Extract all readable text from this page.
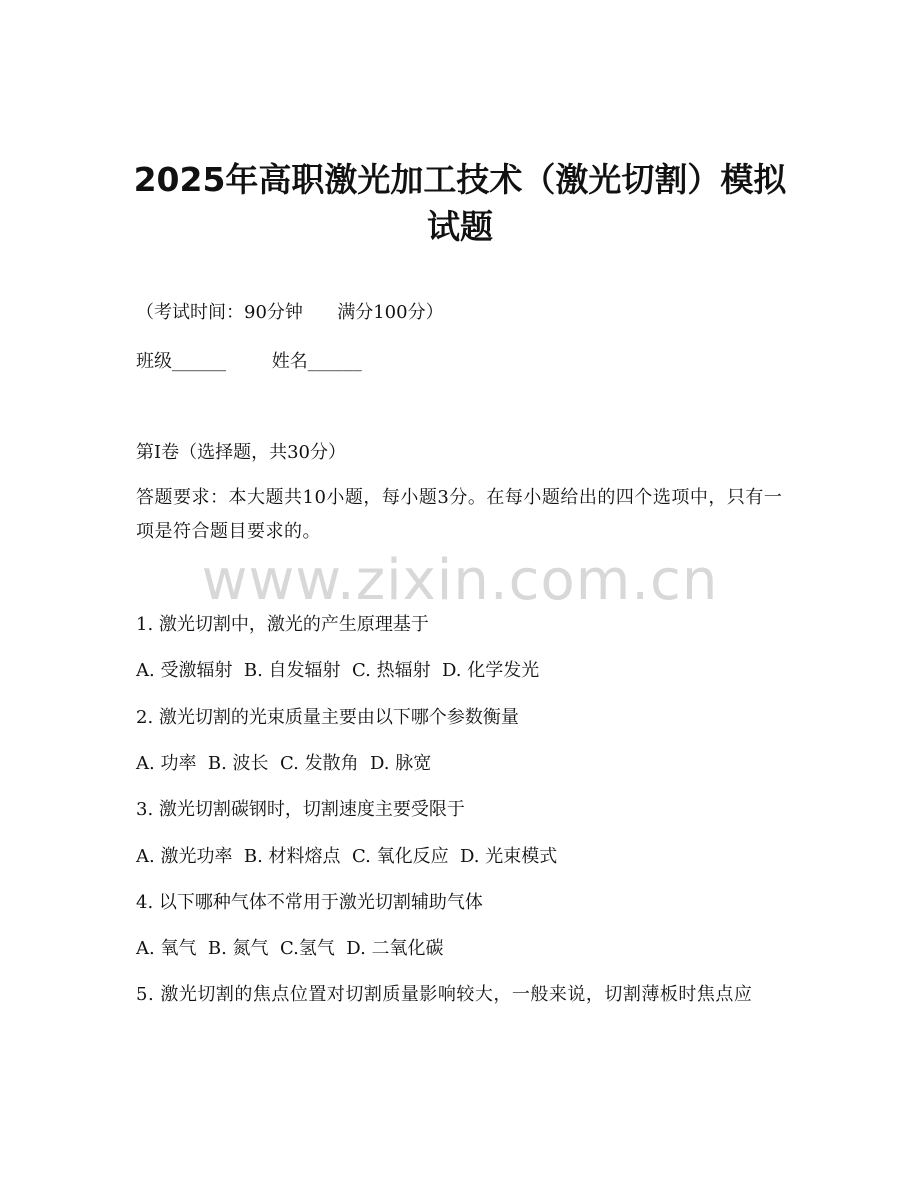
2025年高职激光加工技术（激光切割）模拟
试题
（考试时间：90分钟      满分100分）
班级______        姓名______
第Ⅰ卷（选择题，共30分）
答题要求：本大题共10小题，每小题3分。在每小题给出的四个选项中，只有一项是符合题目要求的。
www.zixin.com.cn
1. 激光切割中，激光的产生原理基于
A. 受激辐射  B. 自发辐射  C. 热辐射  D. 化学发光
2. 激光切割的光束质量主要由以下哪个参数衡量
A. 功率  B. 波长  C. 发散角  D. 脉宽
3. 激光切割碳钢时，切割速度主要受限于
A. 激光功率  B. 材料熔点  C. 氧化反应  D. 光束模式
4. 以下哪种气体不常用于激光切割辅助气体
A. 氧气  B. 氮气  C.氢气  D. 二氧化碳
5. 激光切割的焦点位置对切割质量影响较大，一般来说，切割薄板时焦点应
